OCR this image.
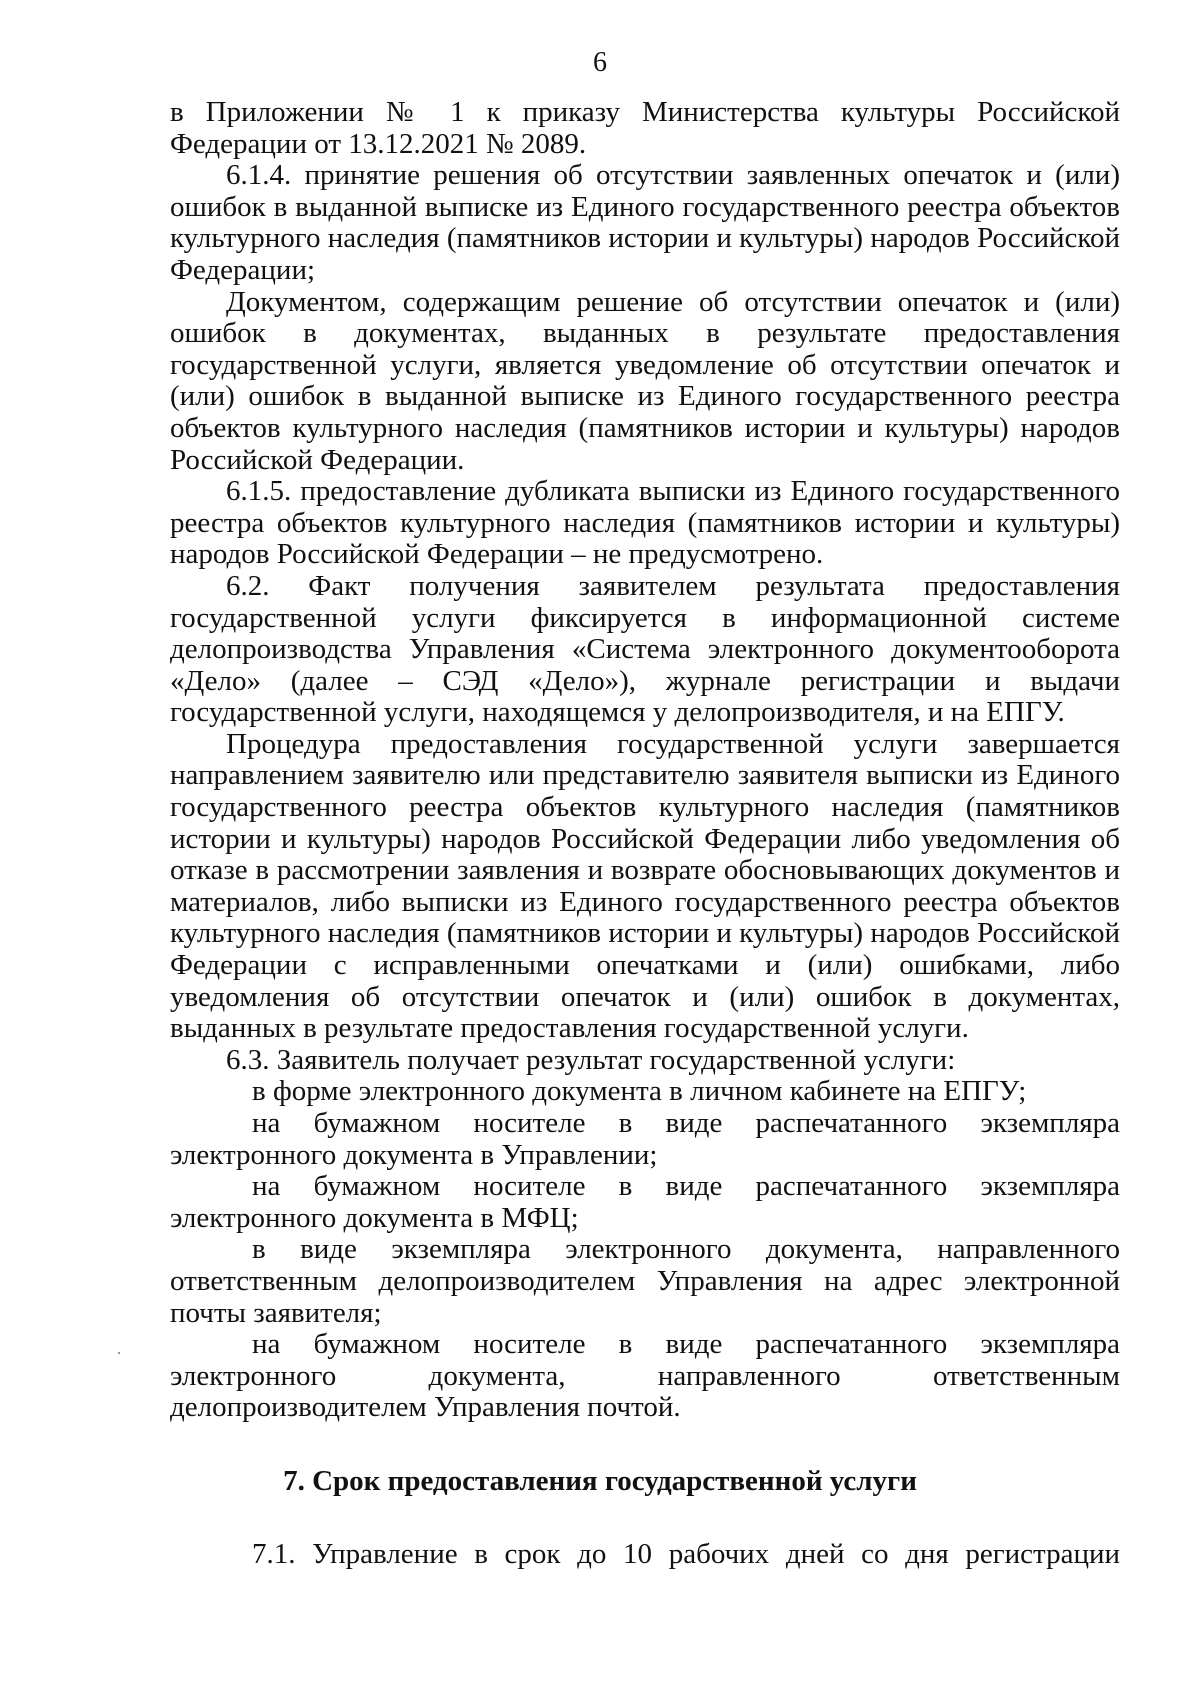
6

в Приложении № 1 к приказу Министерства культуры Российской Федерации от 13.12.2021 № 2089.

6.1.4. принятие решения об отсутствии заявленных опечаток и (или) ошибок в выданной выписке из Единого государственного реестра объектов культурного наследия (памятников истории и культуры) народов Российской Федерации;

Документом, содержащим решение об отсутствии опечаток и (или) ошибок в документах, выданных в результате предоставления государственной услуги, является уведомление об отсутствии опечаток и (или) ошибок в выданной выписке из Единого государственного реестра объектов культурного наследия (памятников истории и культуры) народов Российской Федерации.

6.1.5. предоставление дубликата выписки из Единого государственного реестра объектов культурного наследия (памятников истории и культуры) народов Российской Федерации – не предусмотрено.

6.2. Факт получения заявителем результата предоставления государственной услуги фиксируется в информационной системе делопроизводства Управления «Система электронного документооборота «Дело» (далее – СЭД «Дело»), журнале регистрации и выдачи государственной услуги, находящемся у делопроизводителя, и на ЕПГУ.

Процедура предоставления государственной услуги завершается направлением заявителю или представителю заявителя выписки из Единого государственного реестра объектов культурного наследия (памятников истории и культуры) народов Российской Федерации либо уведомления об отказе в рассмотрении заявления и возврате обосновывающих документов и материалов, либо выписки из Единого государственного реестра объектов культурного наследия (памятников истории и культуры) народов Российской Федерации с исправленными опечатками и (или) ошибками, либо уведомления об отсутствии опечаток и (или) ошибок в документах, выданных в результате предоставления государственной услуги.

6.3. Заявитель получает результат государственной услуги:

в форме электронного документа в личном кабинете на ЕПГУ;

на бумажном носителе в виде распечатанного экземпляра электронного документа в Управлении;

на бумажном носителе в виде распечатанного экземпляра электронного документа в МФЦ;

в виде экземпляра электронного документа, направленного ответственным делопроизводителем Управления на адрес электронной почты заявителя;

на бумажном носителе в виде распечатанного экземпляра электронного документа, направленного ответственным делопроизводителем Управления почтой.

7. Срок предоставления государственной услуги
7.1. Управление в срок до 10 рабочих дней со дня регистрации
